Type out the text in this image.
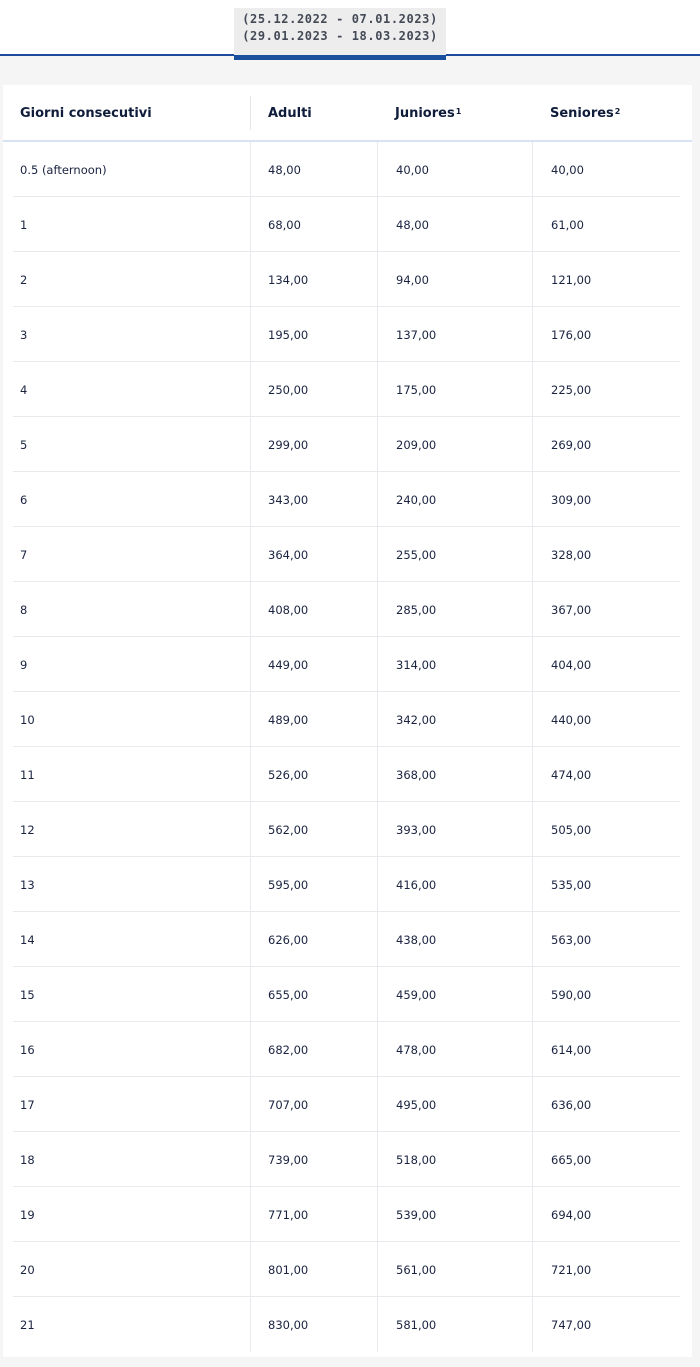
(25.12.2022 - 07.01.2023)
(29.01.2023 - 18.03.2023)
Giorni consecutivi	Adulti	Juniores$^1$	Seniores$^2$
0.5 (afternoon)	48,00	40,00	40,00
1	68,00	48,00	61,00
2	134,00	94,00	121,00
3	195,00	137,00	176,00
4	250,00	175,00	225,00
5	299,00	209,00	269,00
6	343,00	240,00	309,00
7	364,00	255,00	328,00
8	408,00	285,00	367,00
9	449,00	314,00	404,00
10	489,00	342,00	440,00
11	526,00	368,00	474,00
12	562,00	393,00	505,00
13	595,00	416,00	535,00
14	626,00	438,00	563,00
15	655,00	459,00	590,00
16	682,00	478,00	614,00
17	707,00	495,00	636,00
18	739,00	518,00	665,00
19	771,00	539,00	694,00
20	801,00	561,00	721,00
21	830,00	581,00	747,00
